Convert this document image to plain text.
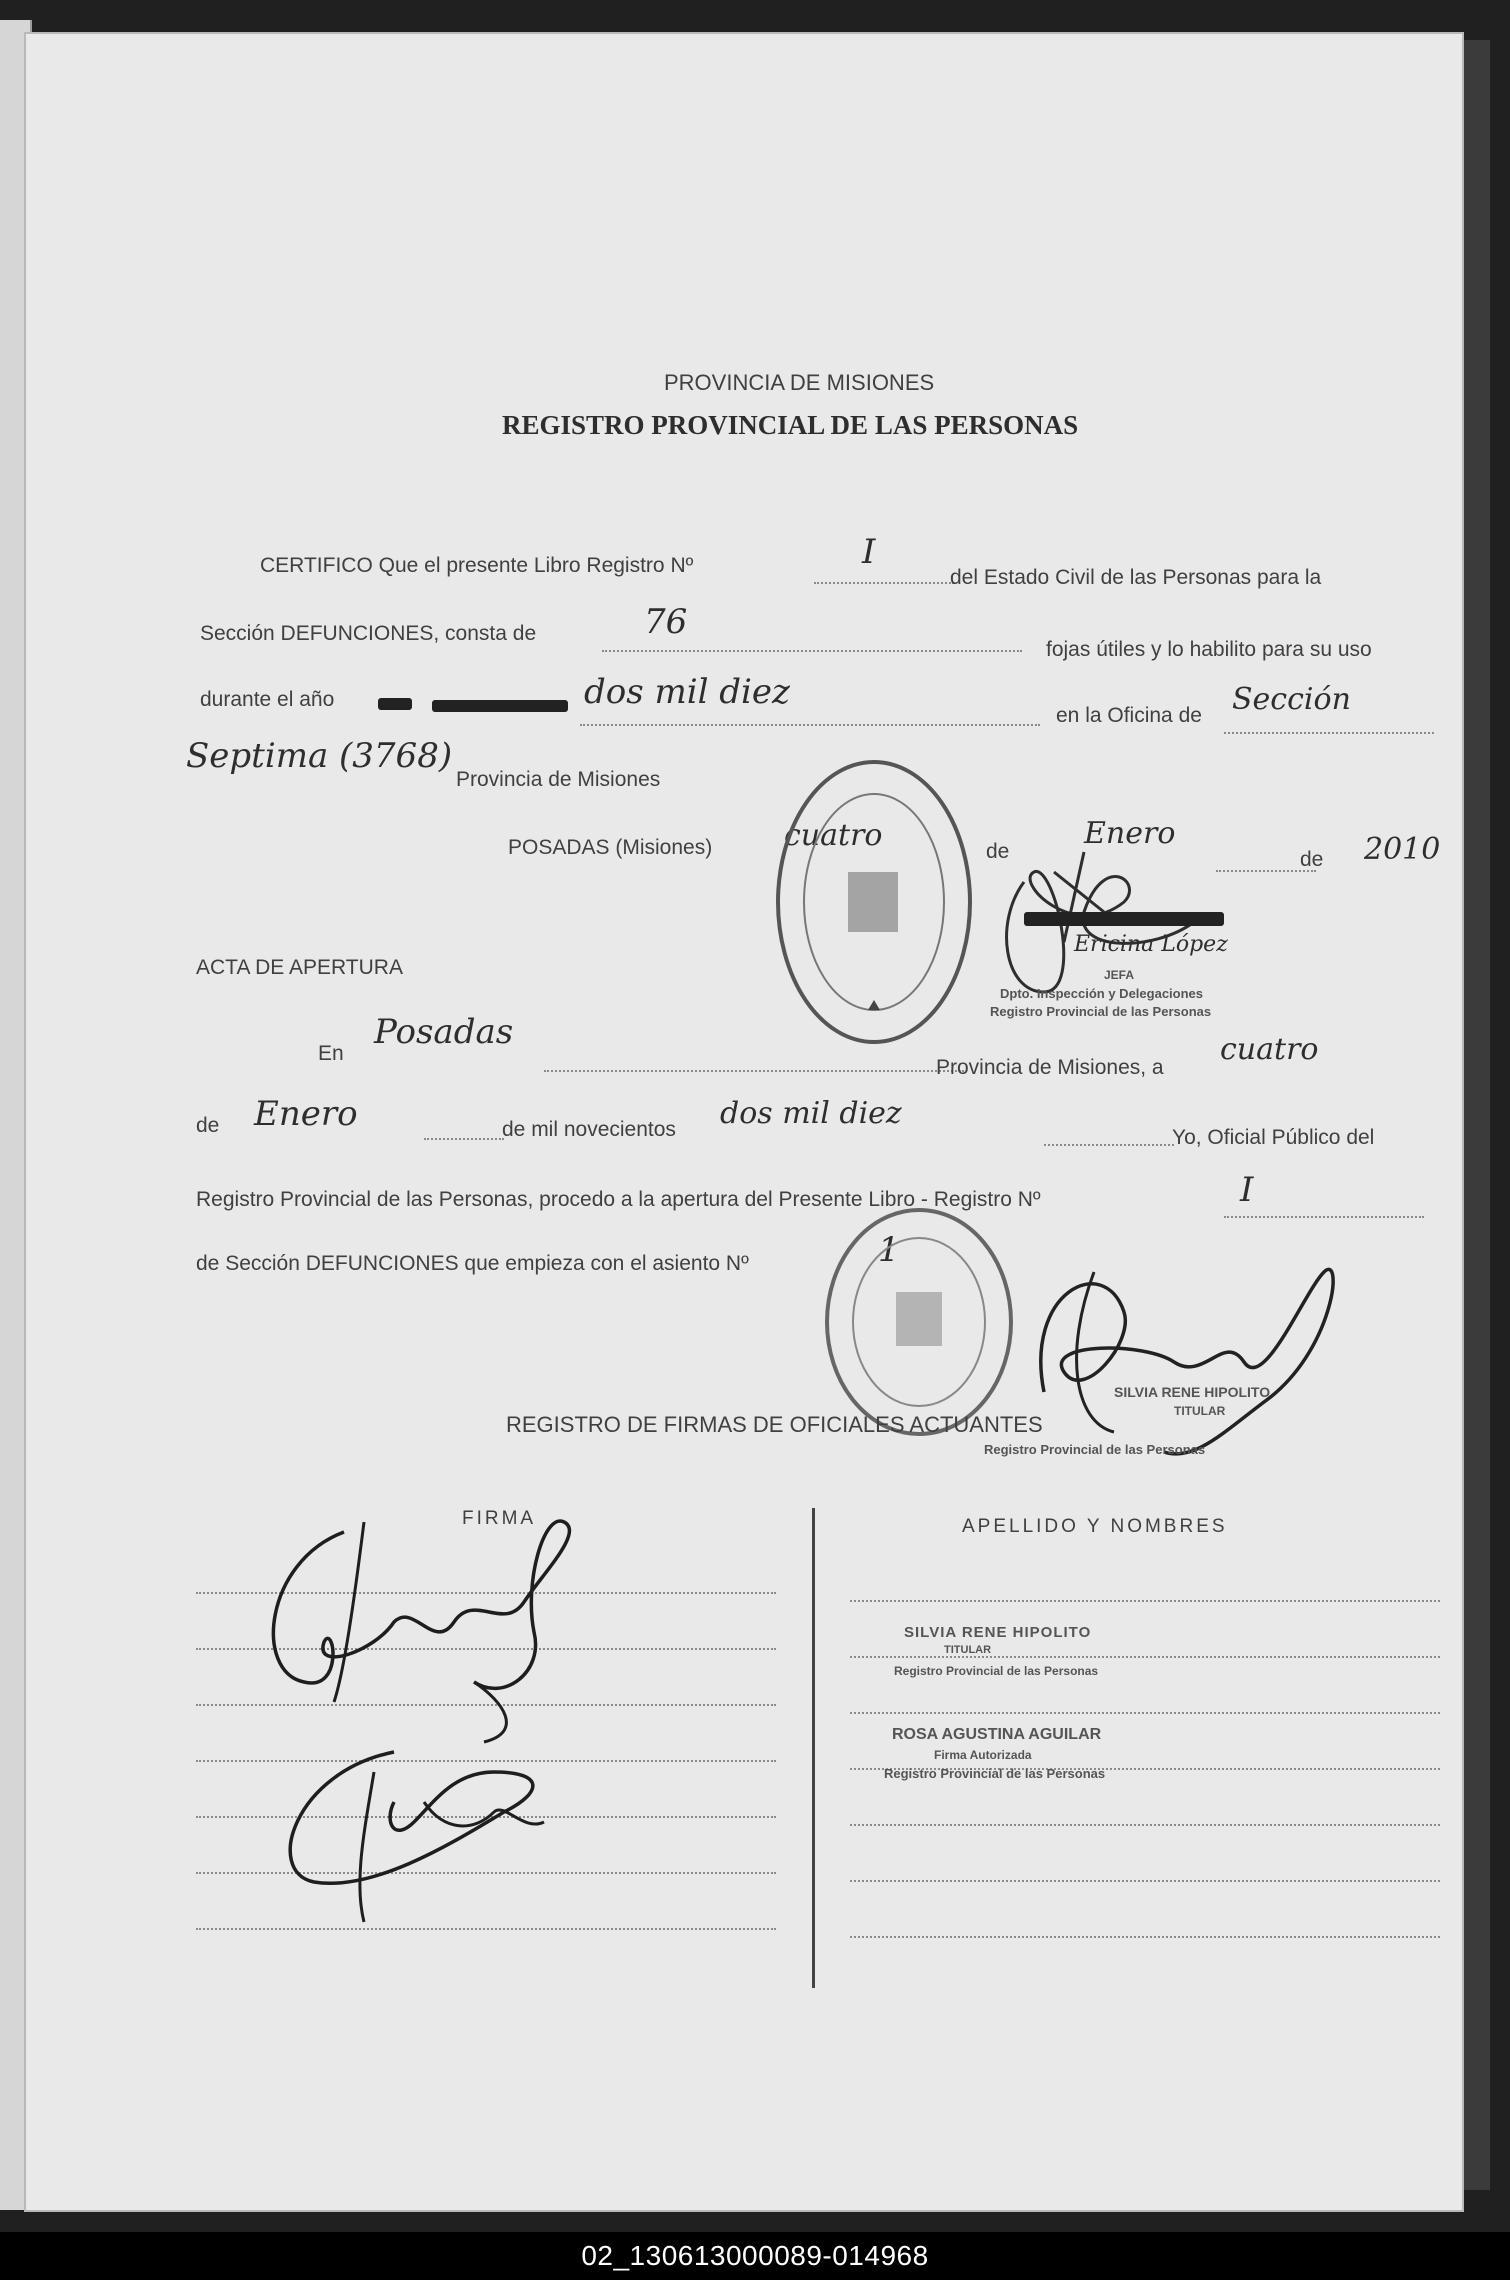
PROVINCIA DE MISIONES
REGISTRO PROVINCIAL DE LAS PERSONAS
CERTIFICO Que el presente Libro Registro Nº	I
del Estado Civil de las Personas para la
Sección DEFUNCIONES, consta de	76
fojas útiles y lo habilito para su uso
durante el año	dos mil diez
en la Oficina de Sección
Septima (3768)
Provincia de Misiones
POSADAS (Misiones) cuatro	de
Enero
de 2010
Ericina López
JEFA
Dpto. Inspección y Delegaciones
Registro Provincial de las Personas
ACTA DE APERTURA
En
Posadas
Provincia de Misiones, a
cuatro
de Enero	de mil novecientos dos mil diez
Yo, Oficial Público del
Registro Provincial de las Personas, procedo a la apertura del Presente Libro - Registro Nº	I
de Sección DEFUNCIONES que empieza con el asiento Nº	1
SILVIA RENE HIPOLITO
TITULAR
Registro Provincial de las Personas
REGISTRO DE FIRMAS DE OFICIALES ACTUANTES
FIRMA	APELLIDO Y NOMBRES
SILVIA RENE HIPOLITO
TITULAR
Registro Provincial de las Personas
ROSA AGUSTINA AGUILAR
Firma Autorizada
Registro Provincial de las Personas
02_130613000089-014968
